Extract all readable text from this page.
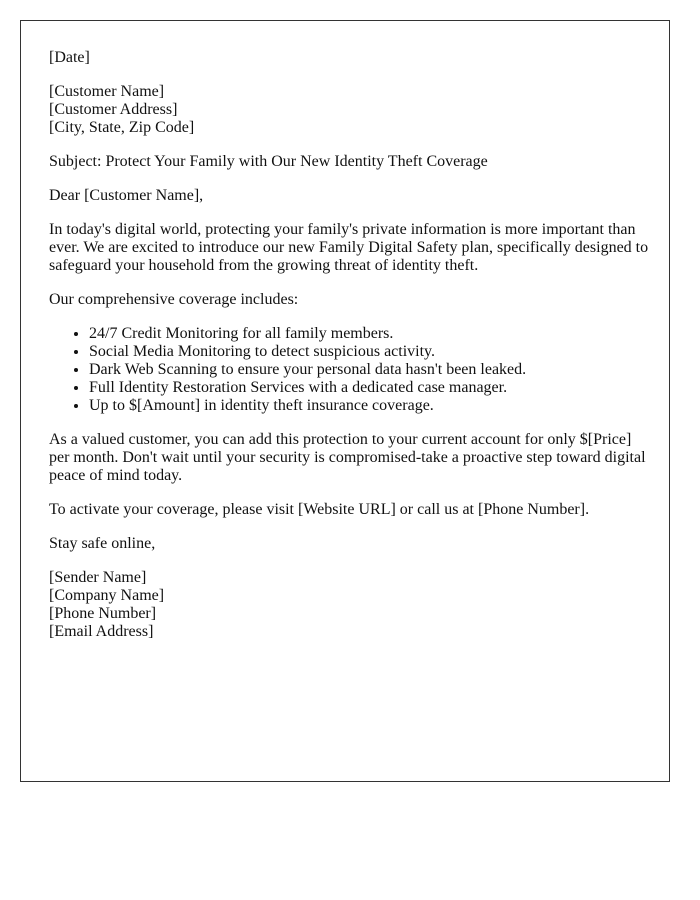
[Date]

[Customer Name]
[Customer Address]
[City, State, Zip Code]

Subject: Protect Your Family with Our New Identity Theft Coverage

Dear [Customer Name],

In today's digital world, protecting your family's private information is more important than ever. We are excited to introduce our new Family Digital Safety plan, specifically designed to safeguard your household from the growing threat of identity theft.

Our comprehensive coverage includes:

• 24/7 Credit Monitoring for all family members.
• Social Media Monitoring to detect suspicious activity.
• Dark Web Scanning to ensure your personal data hasn't been leaked.
• Full Identity Restoration Services with a dedicated case manager.
• Up to $[Amount] in identity theft insurance coverage.

As a valued customer, you can add this protection to your current account for only $[Price] per month. Don't wait until your security is compromised-take a proactive step toward digital peace of mind today.

To activate your coverage, please visit [Website URL] or call us at [Phone Number].

Stay safe online,

[Sender Name]
[Company Name]
[Phone Number]
[Email Address]
